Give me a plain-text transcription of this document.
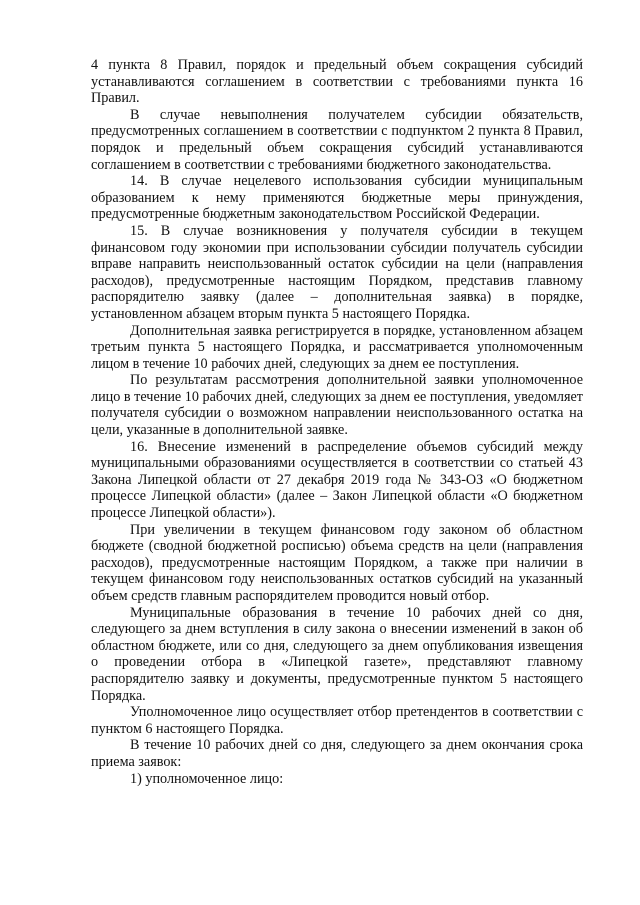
4 пункта 8 Правил, порядок и предельный объем сокращения субсидий устанавливаются соглашением в соответствии с требованиями пункта 16 Правил.

В случае невыполнения получателем субсидии обязательств, предусмотренных соглашением в соответствии с подпунктом 2 пункта 8 Правил, порядок и предельный объем сокращения субсидий устанавливаются соглашением в соответствии с требованиями бюджетного законодательства.

14. В случае нецелевого использования субсидии муниципальным образованием к нему применяются бюджетные меры принуждения, предусмотренные бюджетным законодательством Российской Федерации.

15. В случае возникновения у получателя субсидии в текущем финансовом году экономии при использовании субсидии получатель субсидии вправе направить неиспользованный остаток субсидии на цели (направления расходов), предусмотренные настоящим Порядком, представив главному распорядителю заявку (далее – дополнительная заявка) в порядке, установленном абзацем вторым пункта 5 настоящего Порядка.

Дополнительная заявка регистрируется в порядке, установленном абзацем третьим пункта 5 настоящего Порядка, и рассматривается уполномоченным лицом в течение 10 рабочих дней, следующих за днем ее поступления.

По результатам рассмотрения дополнительной заявки уполномоченное лицо в течение 10 рабочих дней, следующих за днем ее поступления, уведомляет получателя субсидии о возможном направлении неиспользованного остатка на цели, указанные в дополнительной заявке.

16. Внесение изменений в распределение объемов субсидий между муниципальными образованиями осуществляется в соответствии со статьей 43 Закона Липецкой области от 27 декабря 2019 года № 343-ОЗ «О бюджетном процессе Липецкой области» (далее – Закон Липецкой области «О бюджетном процессе Липецкой области»).

При увеличении в текущем финансовом году законом об областном бюджете (сводной бюджетной росписью) объема средств на цели (направления расходов), предусмотренные настоящим Порядком, а также при наличии в текущем финансовом году неиспользованных остатков субсидий на указанный объем средств главным распорядителем проводится новый отбор.

Муниципальные образования в течение 10 рабочих дней со дня, следующего за днем вступления в силу закона о внесении изменений в закон об областном бюджете, или со дня, следующего за днем опубликования извещения о проведении отбора в «Липецкой газете», представляют главному распорядителю заявку и документы, предусмотренные пунктом 5 настоящего Порядка.

Уполномоченное лицо осуществляет отбор претендентов в соответствии с пунктом 6 настоящего Порядка.

В течение 10 рабочих дней со дня, следующего за днем окончания срока приема заявок:

1) уполномоченное лицо:
